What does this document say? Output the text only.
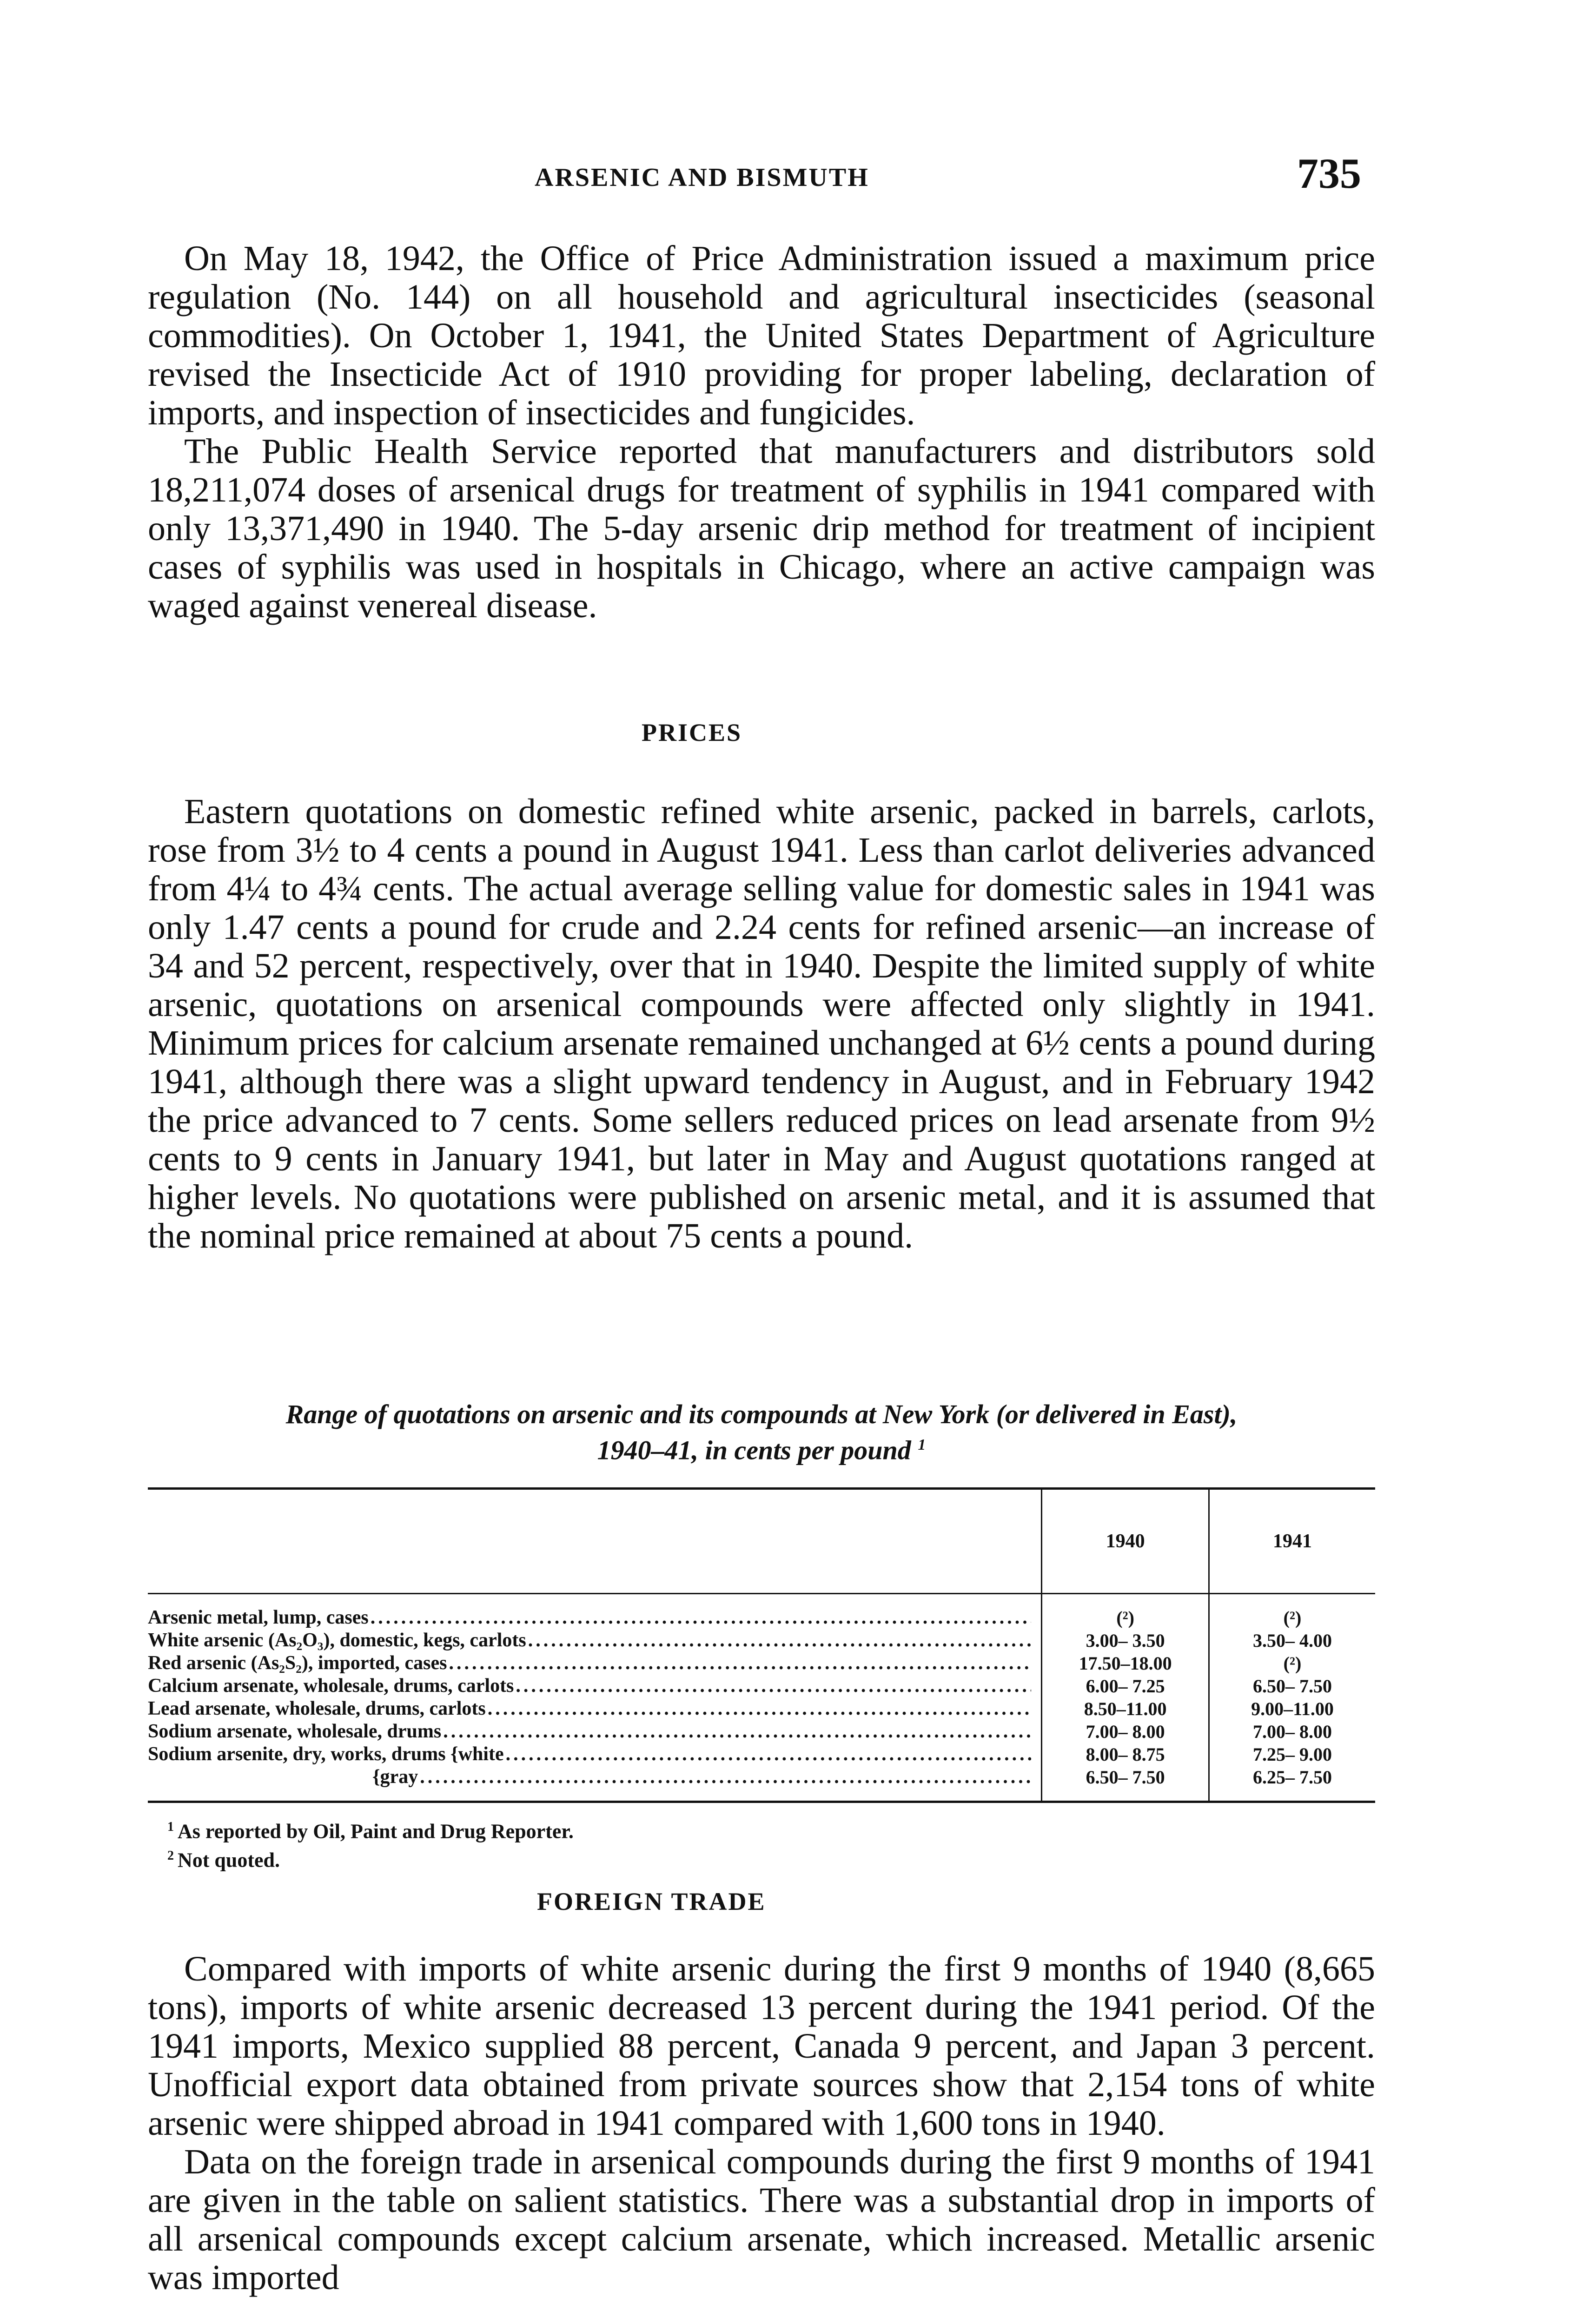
ARSENIC AND BISMUTH	735

On May 18, 1942, the Office of Price Administration issued a maximum price regulation (No. 144) on all household and agricultural insecticides (seasonal commodities). On October 1, 1941, the United States Department of Agriculture revised the Insecticide Act of 1910 providing for proper labeling, declaration of imports, and inspection of insecticides and fungicides.

The Public Health Service reported that manufacturers and distributors sold 18,211,074 doses of arsenical drugs for treatment of syphilis in 1941 compared with only 13,371,490 in 1940. The 5-day arsenic drip method for treatment of incipient cases of syphilis was used in hospitals in Chicago, where an active campaign was waged against venereal disease.

PRICES

Eastern quotations on domestic refined white arsenic, packed in barrels, carlots, rose from 3½ to 4 cents a pound in August 1941. Less than carlot deliveries advanced from 4¼ to 4¾ cents. The actual average selling value for domestic sales in 1941 was only 1.47 cents a pound for crude and 2.24 cents for refined arsenic—an increase of 34 and 52 percent, respectively, over that in 1940. Despite the limited supply of white arsenic, quotations on arsenical compounds were affected only slightly in 1941. Minimum prices for calcium arsenate remained unchanged at 6½ cents a pound during 1941, although there was a slight upward tendency in August, and in February 1942 the price advanced to 7 cents. Some sellers reduced prices on lead arsenate from 9½ cents to 9 cents in January 1941, but later in May and August quotations ranged at higher levels. No quotations were published on arsenic metal, and it is assumed that the nominal price remained at about 75 cents a pound.

Range of quotations on arsenic and its compounds at New York (or delivered in East),
1940–41, in cents per pound $^1$
	1940	1941

Arsenic metal, lump, cases
.....	(²)	(²)

White arsenic (As₂O₃), domestic, kegs, carlots
.....	3.00– 3.50	3.50– 4.00

Red arsenic (As₂S₂), imported, cases
.....	17.50–18.00	(²)

Calcium arsenate, wholesale, drums, carlots
.....	6.00– 7.25	6.50– 7.50

Lead arsenate, wholesale, drums, carlots
.....	8.50–11.00	9.00–11.00

Sodium arsenate, wholesale, drums
.....	7.00– 8.00	7.00– 8.00

Sodium arsenite, dry, works, drums {white
.....	8.00– 8.75	7.25– 9.00

{gray
.....	6.50– 7.50	6.25– 7.50
$^1$ As reported by Oil, Paint and Drug Reporter.
$^2$ Not quoted.
FOREIGN TRADE

Compared with imports of white arsenic during the first 9 months of 1940 (8,665 tons), imports of white arsenic decreased 13 percent during the 1941 period. Of the 1941 imports, Mexico supplied 88 percent, Canada 9 percent, and Japan 3 percent. Unofficial export data obtained from private sources show that 2,154 tons of white arsenic were shipped abroad in 1941 compared with 1,600 tons in 1940.

Data on the foreign trade in arsenical compounds during the first 9 months of 1941 are given in the table on salient statistics. There was a substantial drop in imports of all arsenical compounds except calcium arsenate, which increased. Metallic arsenic was imported
